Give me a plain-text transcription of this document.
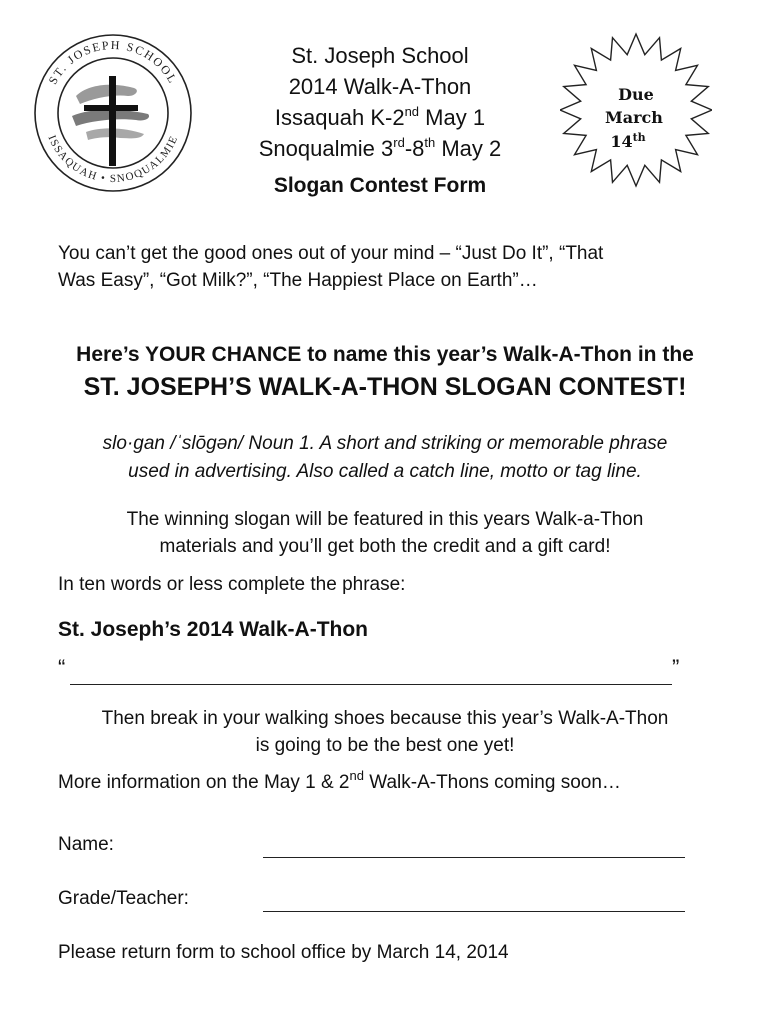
ST. JOSEPH SCHOOL
ISSAQUAH • SNOQUALMIE
St. Joseph School
2014 Walk-A-Thon
Issaquah K-2nd May 1
Snoqualmie 3rd-8th May 2
Slogan Contest Form
Due
March
14th
You can’t get the good ones out of your mind – “Just Do It”, “That
Was Easy”, “Got Milk?”, “The Happiest Place on Earth”…
Here’s YOUR CHANCE to name this year’s Walk-A-Thon in the
ST. JOSEPH’S WALK-A-THON SLOGAN CONTEST!
slo·gan /ˈslōgən/ Noun 1. A short and striking or memorable phrase
used in advertising. Also called a catch line, motto or tag line.
The winning slogan will be featured in this years Walk-a-Thon
materials and you’ll get both the credit and a gift card!
In ten words or less complete the phrase:
St. Joseph’s 2014 Walk-A-Thon
“	”
Then break in your walking shoes because this year’s Walk-A-Thon
is going to be the best one yet!
More information on the May 1 & 2nd Walk-A-Thons coming soon…
Name:
Grade/Teacher:
Please return form to school office by March 14, 2014
